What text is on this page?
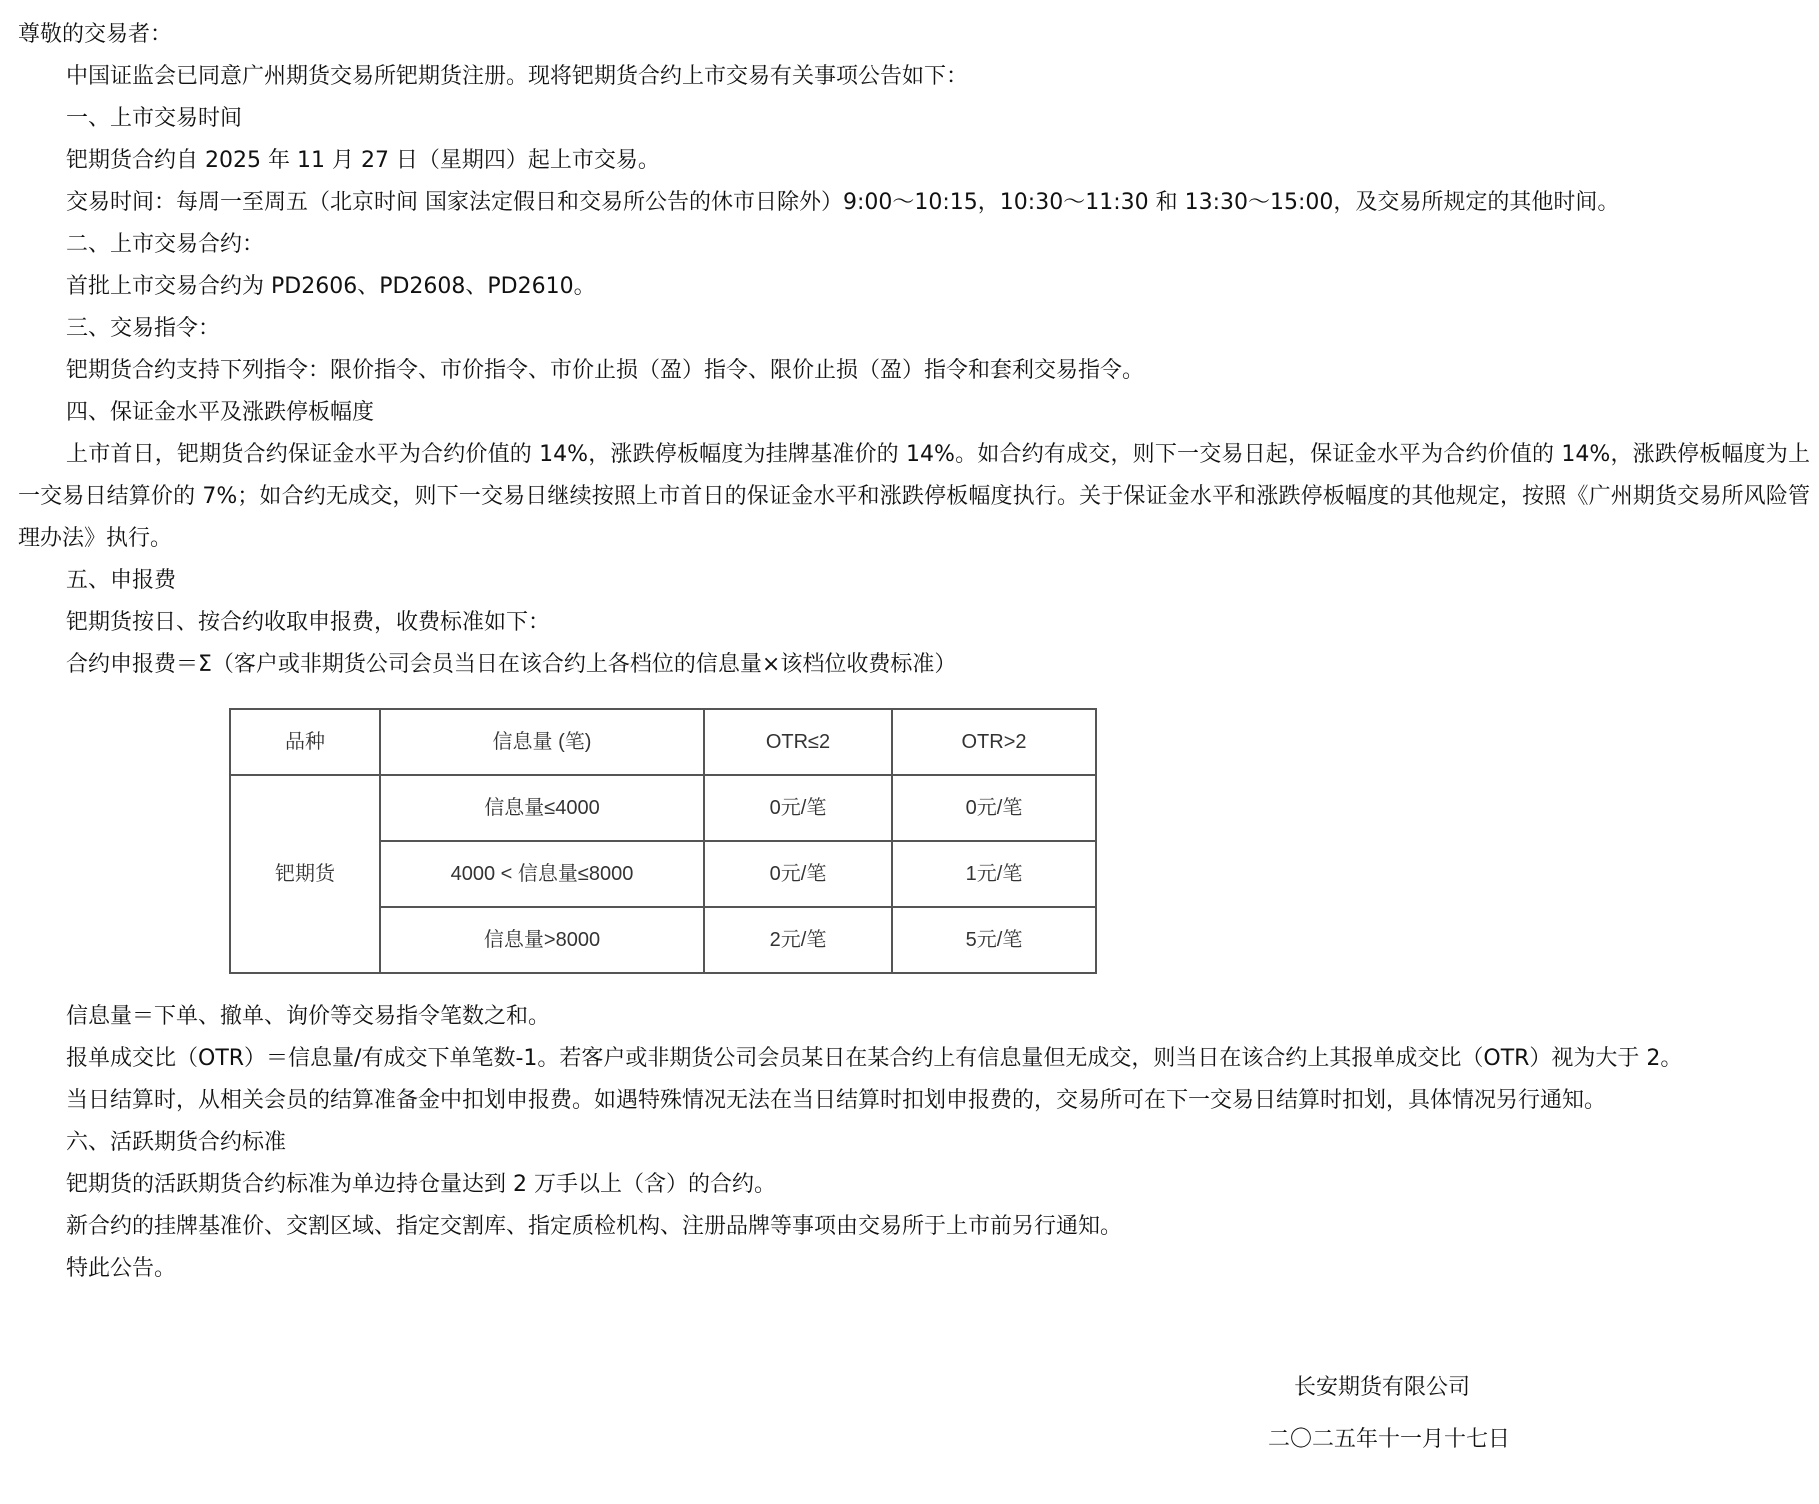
尊敬的交易者：

中国证监会已同意广州期货交易所钯期货注册。现将钯期货合约上市交易有关事项公告如下：

一、上市交易时间

钯期货合约自 2025 年 11 月 27 日（星期四）起上市交易。

交易时间：每周一至周五（北京时间 国家法定假日和交易所公告的休市日除外）9:00～10:15，10:30～11:30 和 13:30～15:00，及交易所规定的其他时间。

二、上市交易合约：

首批上市交易合约为 PD2606、PD2608、PD2610。

三、交易指令：

钯期货合约支持下列指令：限价指令、市价指令、市价止损（盈）指令、限价止损（盈）指令和套利交易指令。

四、保证金水平及涨跌停板幅度

上市首日，钯期货合约保证金水平为合约价值的 14%，涨跌停板幅度为挂牌基准价的 14%。如合约有成交，则下一交易日起，保证金水平为合约价值的 14%，涨跌停板幅度为上一交易日结算价的 7%；如合约无成交，则下一交易日继续按照上市首日的保证金水平和涨跌停板幅度执行。关于保证金水平和涨跌停板幅度的其他规定，按照《广州期货交易所风险管理办法》执行。

五、申报费

钯期货按日、按合约收取申报费，收费标准如下：

合约申报费＝Σ（客户或非期货公司会员当日在该合约上各档位的信息量×该档位收费标准）

品种	信息量 (笔)	OTR≤2	OTR>2
钯期货	信息量≤4000	0元/笔	0元/笔
	4000 < 信息量≤8000	0元/笔	1元/笔
	信息量>8000	2元/笔	5元/笔

信息量＝下单、撤单、询价等交易指令笔数之和。

报单成交比（OTR）＝信息量/有成交下单笔数-1。若客户或非期货公司会员某日在某合约上有信息量但无成交，则当日在该合约上其报单成交比（OTR）视为大于 2。

当日结算时，从相关会员的结算准备金中扣划申报费。如遇特殊情况无法在当日结算时扣划申报费的，交易所可在下一交易日结算时扣划，具体情况另行通知。

六、活跃期货合约标准

钯期货的活跃期货合约标准为单边持仓量达到 2 万手以上（含）的合约。

新合约的挂牌基准价、交割区域、指定交割库、指定质检机构、注册品牌等事项由交易所于上市前另行通知。

特此公告。

长安期货有限公司
二〇二五年十一月十七日
